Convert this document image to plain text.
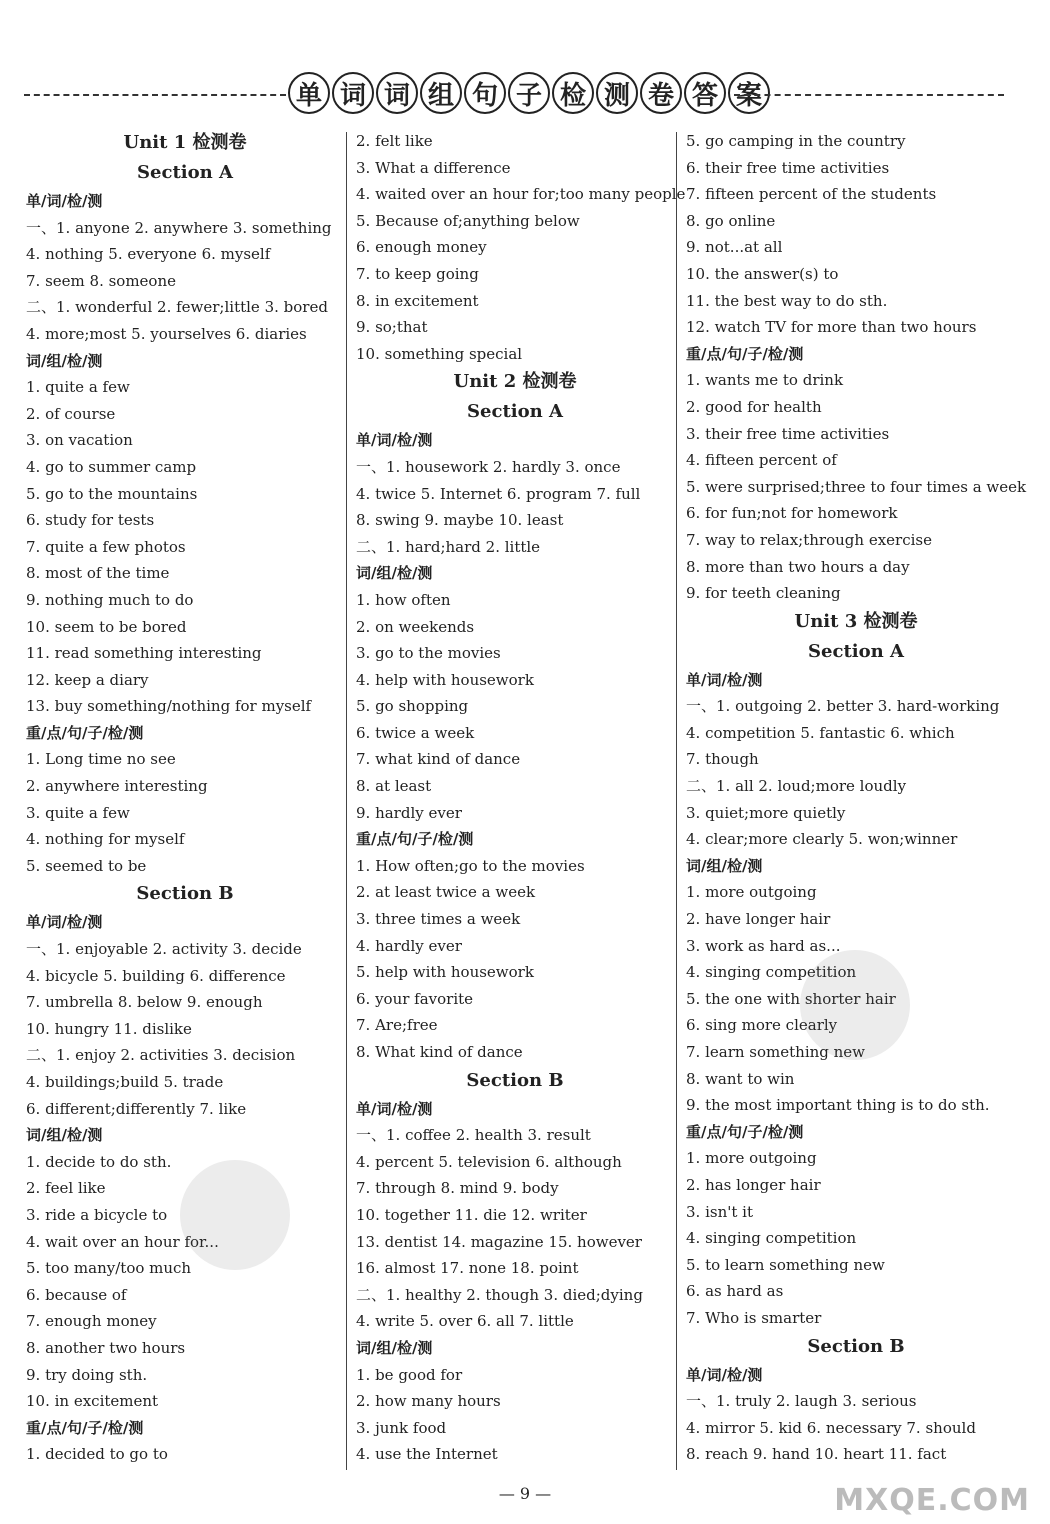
单 词 词 组 句 子 检 测 卷 答 案
Unit 1 检测卷
Section A
单/词/检/测
一、1. anyone 2. anywhere 3. something
4. nothing 5. everyone 6. myself
7. seem 8. someone
二、1. wonderful 2. fewer;little 3. bored
4. more;most 5. yourselves 6. diaries
词/组/检/测
1. quite a few
2. of course
3. on vacation
4. go to summer camp
5. go to the mountains
6. study for tests
7. quite a few photos
8. most of the time
9. nothing much to do
10. seem to be bored
11. read something interesting
12. keep a diary
13. buy something/nothing for myself
重/点/句/子/检/测
1. Long time no see
2. anywhere interesting
3. quite a few
4. nothing for myself
5. seemed to be
Section B
单/词/检/测
一、1. enjoyable 2. activity 3. decide
4. bicycle 5. building 6. difference
7. umbrella 8. below 9. enough
10. hungry 11. dislike
二、1. enjoy 2. activities 3. decision
4. buildings;build 5. trade
6. different;differently 7. like
词/组/检/测
1. decide to do sth.
2. feel like
3. ride a bicycle to
4. wait over an hour for...
5. too many/too much
6. because of
7. enough money
8. another two hours
9. try doing sth.
10. in excitement
重/点/句/子/检/测
1. decided to go to
2. felt like
3. What a difference
4. waited over an hour for;too many people
5. Because of;anything below
6. enough money
7. to keep going
8. in excitement
9. so;that
10. something special
Unit 2 检测卷
Section A
单/词/检/测
一、1. housework 2. hardly 3. once
4. twice 5. Internet 6. program 7. full
8. swing 9. maybe 10. least
二、1. hard;hard 2. little
词/组/检/测
1. how often
2. on weekends
3. go to the movies
4. help with housework
5. go shopping
6. twice a week
7. what kind of dance
8. at least
9. hardly ever
重/点/句/子/检/测
1. How often;go to the movies
2. at least twice a week
3. three times a week
4. hardly ever
5. help with housework
6. your favorite
7. Are;free
8. What kind of dance
Section B
单/词/检/测
一、1. coffee 2. health 3. result
4. percent 5. television 6. although
7. through 8. mind 9. body
10. together 11. die 12. writer
13. dentist 14. magazine 15. however
16. almost 17. none 18. point
二、1. healthy 2. though 3. died;dying
4. write 5. over 6. all 7. little
词/组/检/测
1. be good for
2. how many hours
3. junk food
4. use the Internet
5. go camping in the country
6. their free time activities
7. fifteen percent of the students
8. go online
9. not...at all
10. the answer(s) to
11. the best way to do sth.
12. watch TV for more than two hours
重/点/句/子/检/测
1. wants me to drink
2. good for health
3. their free time activities
4. fifteen percent of
5. were surprised;three to four times a week
6. for fun;not for homework
7. way to relax;through exercise
8. more than two hours a day
9. for teeth cleaning
Unit 3 检测卷
Section A
单/词/检/测
一、1. outgoing 2. better 3. hard-working
4. competition 5. fantastic 6. which
7. though
二、1. all 2. loud;more loudly
3. quiet;more quietly
4. clear;more clearly 5. won;winner
词/组/检/测
1. more outgoing
2. have longer hair
3. work as hard as...
4. singing competition
5. the one with shorter hair
6. sing more clearly
7. learn something new
8. want to win
9. the most important thing is to do sth.
重/点/句/子/检/测
1. more outgoing
2. has longer hair
3. isn't it
4. singing competition
5. to learn something new
6. as hard as
7. Who is smarter
Section B
单/词/检/测
一、1. truly 2. laugh 3. serious
4. mirror 5. kid 6. necessary 7. should
8. reach 9. hand 10. heart 11. fact
— 9 —	MXQE.COM
